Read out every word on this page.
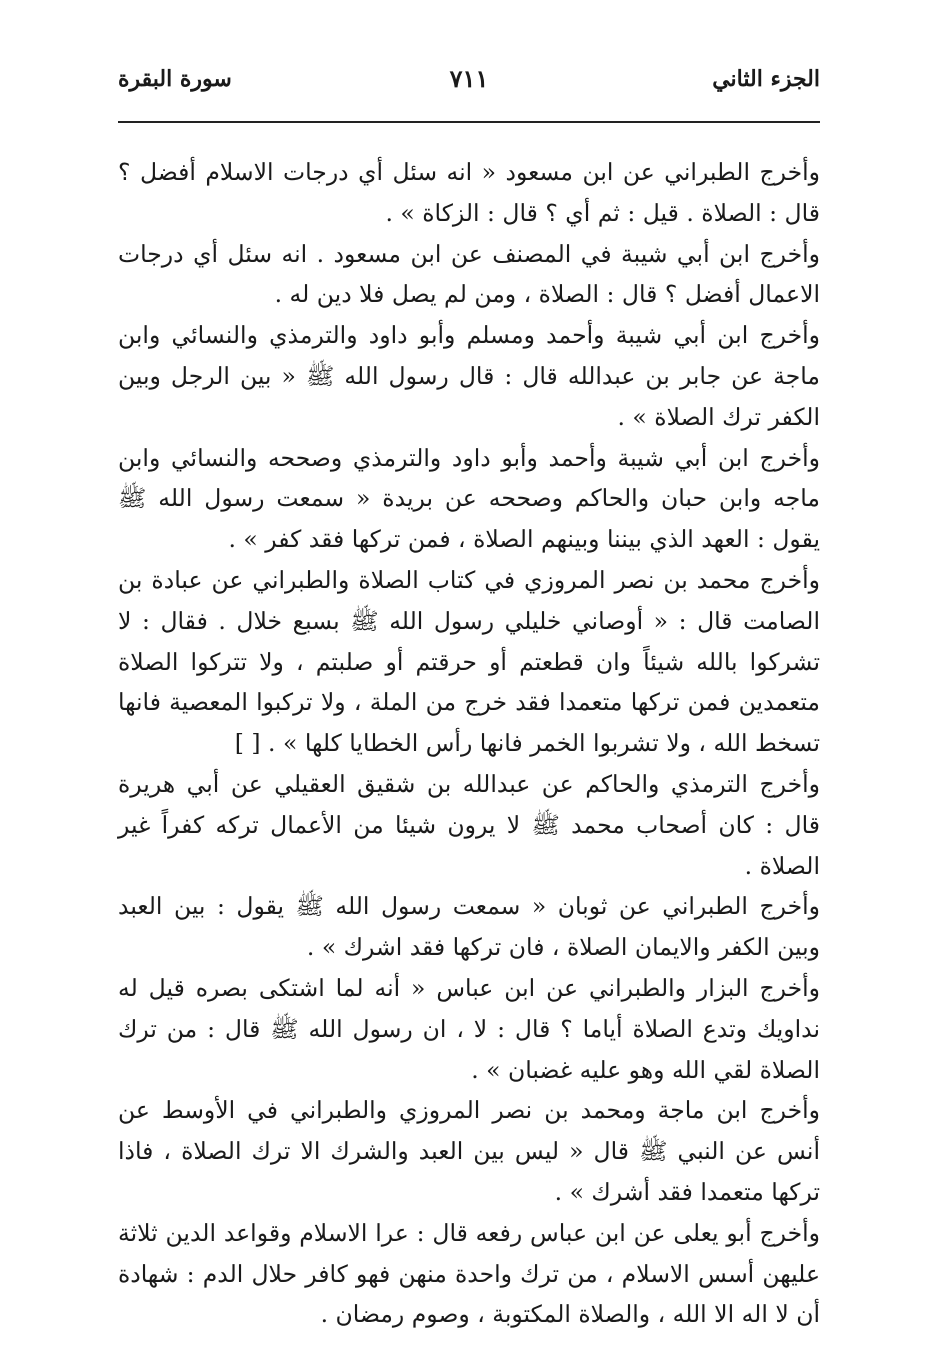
الجزء الثاني
٧١١
سورة البقرة

وأخرج الطبراني عن ابن مسعود « انه سئل أي درجات الاسلام أفضل ؟ قال : الصلاة . قيل : ثم أي ؟ قال : الزكاة » .

وأخرج ابن أبي شيبة في المصنف عن ابن مسعود . انه سئل أي درجات الاعمال أفضل ؟ قال : الصلاة ، ومن لم يصل فلا دين له .

وأخرج ابن أبي شيبة وأحمد ومسلم وأبو داود والترمذي والنسائي وابن ماجة عن جابر بن عبدالله قال : قال رسول الله ﷺ « بين الرجل وبين الكفر ترك الصلاة » .

وأخرج ابن أبي شيبة وأحمد وأبو داود والترمذي وصححه والنسائي وابن ماجه وابن حبان والحاكم وصححه عن بريدة « سمعت رسول الله ﷺ يقول : العهد الذي بيننا وبينهم الصلاة ، فمن تركها فقد كفر » .

وأخرج محمد بن نصر المروزي في كتاب الصلاة والطبراني عن عبادة بن الصامت قال : « أوصاني خليلي رسول الله ﷺ بسبع خلال . فقال : لا تشركوا بالله شيئاً وان قطعتم أو حرقتم أو صلبتم ، ولا تتركوا الصلاة متعمدين فمن تركها متعمدا فقد خرج من الملة ، ولا تركبوا المعصية فانها تسخط الله ، ولا تشربوا الخمر فانها رأس الخطايا كلها » . [ ]

وأخرج الترمذي والحاكم عن عبدالله بن شقيق العقيلي عن أبي هريرة قال : كان أصحاب محمد ﷺ لا يرون شيئا من الأعمال تركه كفراً غير الصلاة .

وأخرج الطبراني عن ثوبان « سمعت رسول الله ﷺ يقول : بين العبد وبين الكفر والايمان الصلاة ، فان تركها فقد اشرك » .

وأخرج البزار والطبراني عن ابن عباس « أنه لما اشتكى بصره قيل له نداويك وتدع الصلاة أياما ؟ قال : لا ، ان رسول الله ﷺ قال : من ترك الصلاة لقي الله وهو عليه غضبان » .

وأخرج ابن ماجة ومحمد بن نصر المروزي والطبراني في الأوسط عن أنس عن النبي ﷺ قال « ليس بين العبد والشرك الا ترك الصلاة ، فاذا تركها متعمدا فقد أشرك » .

وأخرج أبو يعلى عن ابن عباس رفعه قال : عرا الاسلام وقواعد الدين ثلاثة عليهن أسس الاسلام ، من ترك واحدة منهن فهو كافر حلال الدم : شهادة أن لا اله الا الله ، والصلاة المكتوبة ، وصوم رمضان .
